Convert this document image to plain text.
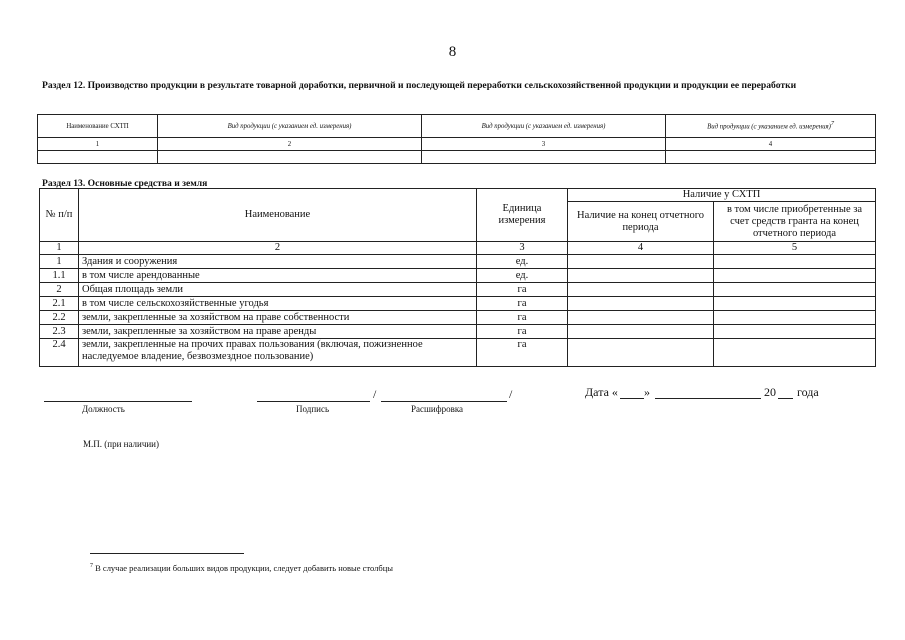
8
Раздел 12. Производство продукции в результате товарной доработки, первичной и последующей переработки сельскохозяйственной продукции и продукции ее переработки
Наименование СХТП	Вид продукции (с указанием ед. измерения)	Вид продукции (с указанием ед. измерения)	Вид продукции (с указанием ед. измерения)$^7$
1	2	3	4

Раздел 13. Основные средства и земля
№ п/п	Наименование	Единица измерения	Наличие у СХТП	
			Наличие на конец отчетного периода	в том числе приобретенные за счет средств гранта на конец отчетного периода
1	2	3	4	5
1	Здания и сооружения	ед.		
1.1	в том числе арендованные	ед.		
2	Общая площадь земли	га		
2.1	в том числе сельскохозяйственные угодья	га		
2.2	земли, закрепленные за хозяйством на праве собственности	га		
2.3	земли, закрепленные за хозяйством на праве аренды	га		
2.4	земли, закрепленные на прочих правах пользования (включая, пожизненное наследуемое владение, безвозмездное пользование)	га		
Должность
/	/
Подпись	Расшифровка
Дата « »	20 года
М.П. (при наличии)
$^7$ В случае реализации больших видов продукции, следует добавить новые столбцы
